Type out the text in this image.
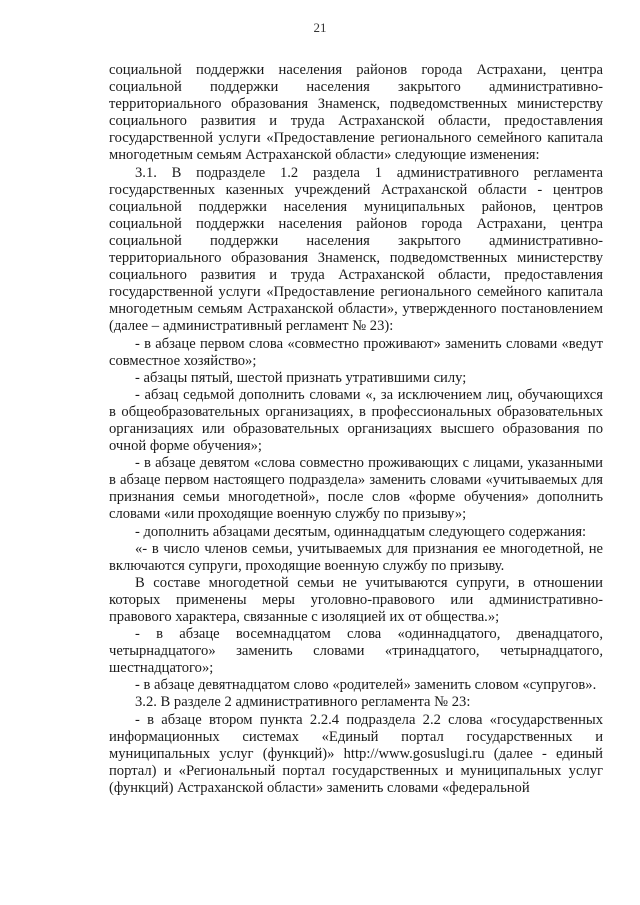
21

социальной поддержки населения районов города Астрахани, центра социальной поддержки населения закрытого административно-территориального образования Знаменск, подведомственных министерству социального развития и труда Астраханской области, предоставления государственной услуги «Предоставление регионального семейного капитала многодетным семьям Астраханской области» следующие изменения:

3.1. В подразделе 1.2 раздела 1 административного регламента государственных казенных учреждений Астраханской области - центров социальной поддержки населения муниципальных районов, центров социальной поддержки населения районов города Астрахани, центра социальной поддержки населения закрытого административно-территориального образования Знаменск, подведомственных министерству социального развития и труда Астраханской области, предоставления государственной услуги «Предоставление регионального семейного капитала многодетным семьям Астраханской области», утвержденного постановлением (далее – административный регламент № 23):

- в абзаце первом слова «совместно проживают» заменить словами «ведут совместное хозяйство»;

- абзацы пятый, шестой признать утратившими силу;

- абзац седьмой дополнить словами «, за исключением лиц, обучающихся в общеобразовательных организациях, в профессиональных образовательных организациях или образовательных организациях высшего образования по очной форме обучения»;

- в абзаце девятом «слова совместно проживающих с лицами, указанными в абзаце первом настоящего подраздела» заменить словами «учитываемых для признания семьи многодетной», после слов «форме обучения» дополнить словами «или проходящие военную службу по призыву»;

- дополнить абзацами десятым, одиннадцатым следующего содержания:

«- в число членов семьи, учитываемых для признания ее многодетной, не включаются супруги, проходящие военную службу по призыву.

В составе многодетной семьи не учитываются супруги, в отношении которых применены меры уголовно-правового или административно-правового характера, связанные с изоляцией их от общества.»;

- в абзаце восемнадцатом слова «одиннадцатого, двенадцатого, четырнадцатого» заменить словами «тринадцатого, четырнадцатого, шестнадцатого»;

- в абзаце девятнадцатом слово «родителей» заменить словом «супругов».

3.2. В разделе 2 административного регламента № 23:

- в абзаце втором пункта 2.2.4 подраздела 2.2 слова «государственных информационных системах «Единый портал государственных и муниципальных услуг (функций)» http://www.gosuslugi.ru (далее - единый портал) и «Региональный портал государственных и муниципальных услуг (функций) Астраханской области» заменить словами «федеральной
